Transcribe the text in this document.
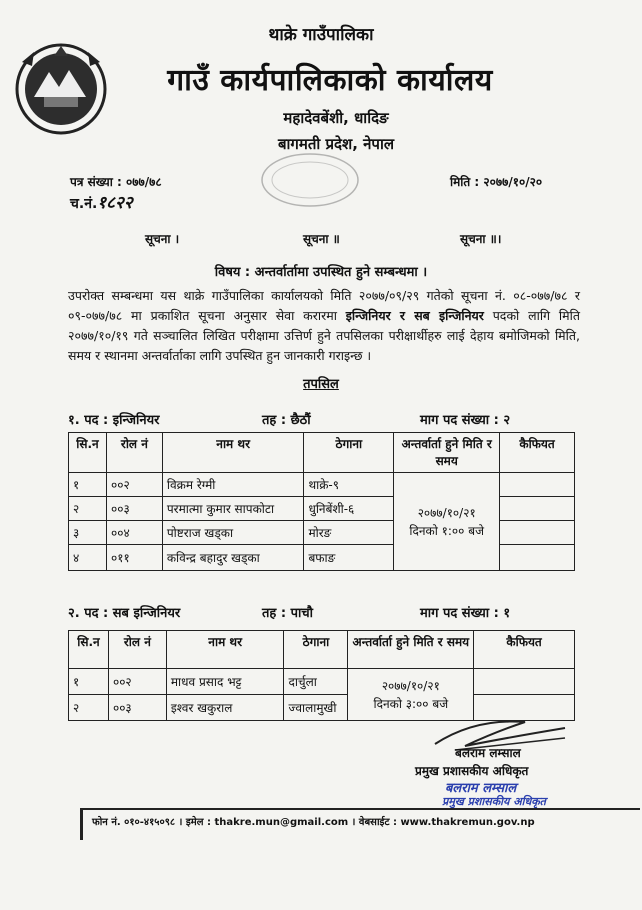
थाक्रे गाउँपालिका
गाउँ कार्यपालिकाको कार्यालय
महादेवबेंशी, धादिङ
बागमती प्रदेश, नेपाल
पत्र संख्या : ०७७/७८
च.नं.१८२२
मिति : २०७७/१०/२०
सूचना ।	सूचना ॥	सूचना ॥।
विषय : अन्तर्वार्तामा उपस्थित हुने सम्बन्धमा ।
उपरोक्त सम्बन्धमा यस थाक्रे गाउँपालिका कार्यालयको मिति २०७७/०९/२९ गतेको सूचना नं. ०८-०७७/७८ र ०९-०७७/७८ मा प्रकाशित सूचना अनुसार सेवा करारमा इन्जिनियर र सब इन्जिनियर पदको लागि मिति २०७७/१०/१९ गते सञ्चालित लिखित परीक्षामा उत्तिर्ण हुने तपसिलका परीक्षार्थीहरु लाई देहाय बमोजिमको मिति, समय र स्थानमा अन्तर्वार्ताका लागि उपस्थित हुन जानकारी गराइन्छ ।
तपसिल
१. पद : इन्जिनियर	तह : छैठौं	माग पद संख्या : २
सि.न	रोल नं	नाम थर	ठेगाना	अन्तर्वार्ता हुने मिति र समय	कैफियत
१	००२	विक्रम रेग्मी	थाक्रे-९	२०७७/१०/२१
दिनको १:०० बजे	

२	००३	परमात्मा कुमार सापकोटा	धुनिबेंशी-६		
३	००४	पोष्टराज खड्का	मोरङ		
४	०११	कविन्द्र बहादुर खड्का	बफाङ		
२. पद : सब इन्जिनियर	तह : पाचौ	माग पद संख्या : १
सि.न	रोल नं	नाम थर	ठेगाना	अन्तर्वार्ता हुने मिति र समय	कैफियत
१	००२	माधव प्रसाद भट्ट	दार्चुला	२०७७/१०/२१
दिनको ३:०० बजे	

२	००३	इश्वर खकुराल	ज्वालामुखी		
बलराम लम्साल
प्रमुख प्रशासकीय अधिकृत
बलराम लम्साल
प्रमुख प्रशासकीय अधिकृत
फोन नं. ०१०-४१५०९८ । इमेल : thakre.mun@gmail.com । वेबसाईट : www.thakremun.gov.np
